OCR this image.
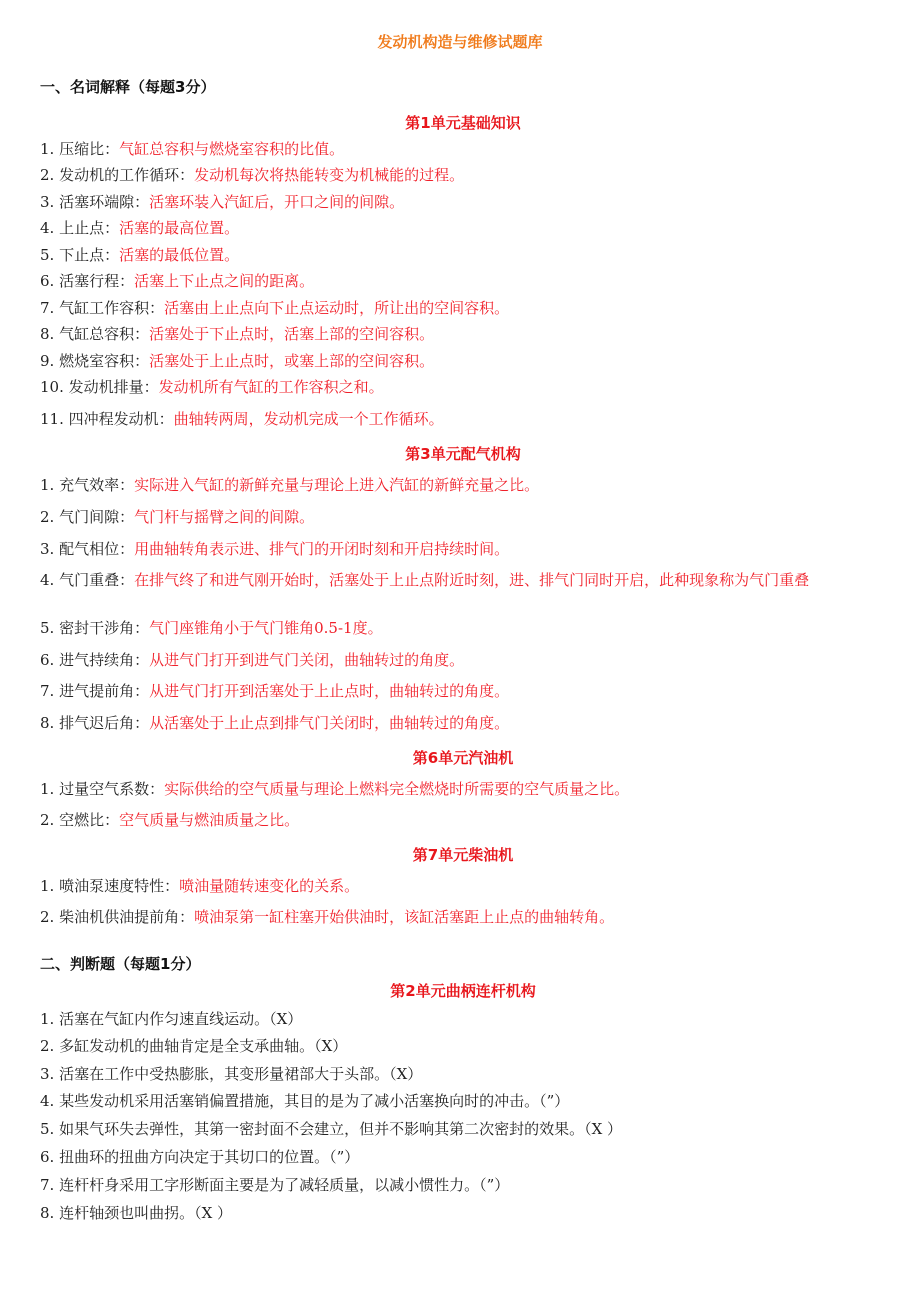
发动机构造与维修试题库
一、名词解释（每题3分）
第1单元基础知识
1. 压缩比：气缸总容积与燃烧室容积的比值。
2. 发动机的工作循环：发动机每次将热能转变为机械能的过程。
3. 活塞环端隙：活塞环装入汽缸后，开口之间的间隙。
4. 上止点：活塞的最高位置。
5. 下止点：活塞的最低位置。
6. 活塞行程：活塞上下止点之间的距离。
7. 气缸工作容积：活塞由上止点向下止点运动时，所让出的空间容积。
8. 气缸总容积：活塞处于下止点时，活塞上部的空间容积。
9. 燃烧室容积：活塞处于上止点时，或塞上部的空间容积。
10. 发动机排量：发动机所有气缸的工作容积之和。
11. 四冲程发动机：曲轴转两周，发动机完成一个工作循环。
第3单元配气机构
1. 充气效率：实际进入气缸的新鲜充量与理论上进入汽缸的新鲜充量之比。
2. 气门间隙：气门杆与摇臂之间的间隙。
3. 配气相位：用曲轴转角表示进、排气门的开闭时刻和开启持续时间。
4. 气门重叠：在排气终了和进气刚开始时，活塞处于上止点附近时刻，进、排气门同时开启，此种现象称为气门重叠
5. 密封干涉角：气门座锥角小于气门锥角0.5-1度。
6. 进气持续角：从进气门打开到进气门关闭，曲轴转过的角度。
7. 进气提前角：从进气门打开到活塞处于上止点时，曲轴转过的角度。
8. 排气迟后角：从活塞处于上止点到排气门关闭时，曲轴转过的角度。
第6单元汽油机
1. 过量空气系数：实际供给的空气质量与理论上燃料完全燃烧时所需要的空气质量之比。
2. 空燃比：空气质量与燃油质量之比。
第7单元柴油机
1. 喷油泵速度特性：喷油量随转速变化的关系。
2. 柴油机供油提前角：喷油泵第一缸柱塞开始供油时，该缸活塞距上止点的曲轴转角。
二、判断题（每题1分）
第2单元曲柄连杆机构
1. 活塞在气缸内作匀速直线运动。（X）
2. 多缸发动机的曲轴肯定是全支承曲轴。（X）
3. 活塞在工作中受热膨胀，其变形量裙部大于头部。（X）
4. 某些发动机采用活塞销偏置措施，其目的是为了减小活塞换向时的冲击。（”）
5. 如果气环失去弹性，其第一密封面不会建立，但并不影响其第二次密封的效果。（X ）
6. 扭曲环的扭曲方向决定于其切口的位置。（”）
7. 连杆杆身采用工字形断面主要是为了减轻质量，以减小惯性力。（”）
8. 连杆轴颈也叫曲拐。（X ）
